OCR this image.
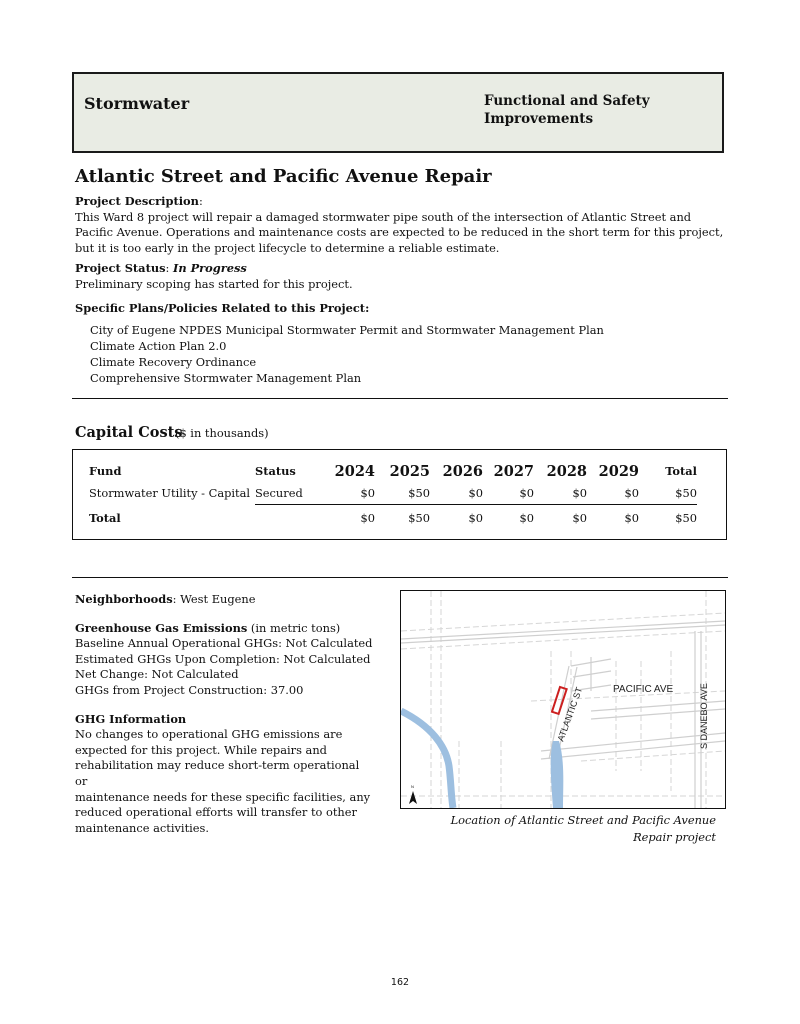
Stormwater	Functional and Safety Improvements
Atlantic Street and Pacific Avenue Repair
Project Description:
This Ward 8 project will repair a damaged stormwater pipe south of the intersection of Atlantic Street and Pacific Avenue. Operations and maintenance costs are expected to be reduced in the short term for this project, but it is too early in the project lifecycle to determine a reliable estimate.
Project Status: In Progress
Preliminary scoping has started for this project.
Specific Plans/Policies Related to this Project:
City of Eugene NPDES Municipal Stormwater Permit and Stormwater Management Plan
Climate Action Plan 2.0
Climate Recovery Ordinance
Comprehensive Stormwater Management Plan
Capital Costs
($ in thousands)
Fund	Status	2024	2025	2026	2027	2028	2029	Total
Stormwater Utility - Capital	Secured	$0	$50	$0	$0	$0	$0	$50
Total		$0	$50	$0	$0	$0	$0	$50
Neighborhoods: West Eugene
Greenhouse Gas Emissions (in metric tons)
Baseline Annual Operational GHGs: Not Calculated
Estimated GHGs Upon Completion: Not Calculated
Net Change: Not Calculated
GHGs from Project Construction: 37.00
GHG Information
No changes to operational GHG emissions are
expected for this project. While repairs and
rehabilitation may reduce short-term operational or
maintenance needs for these specific facilities, any
reduced operational efforts will transfer to other
maintenance activities.
PACIFIC AVE
ATLANTIC ST	S DANEBO AVE
N
Location of Atlantic Street and Pacific Avenue
Repair project
162
